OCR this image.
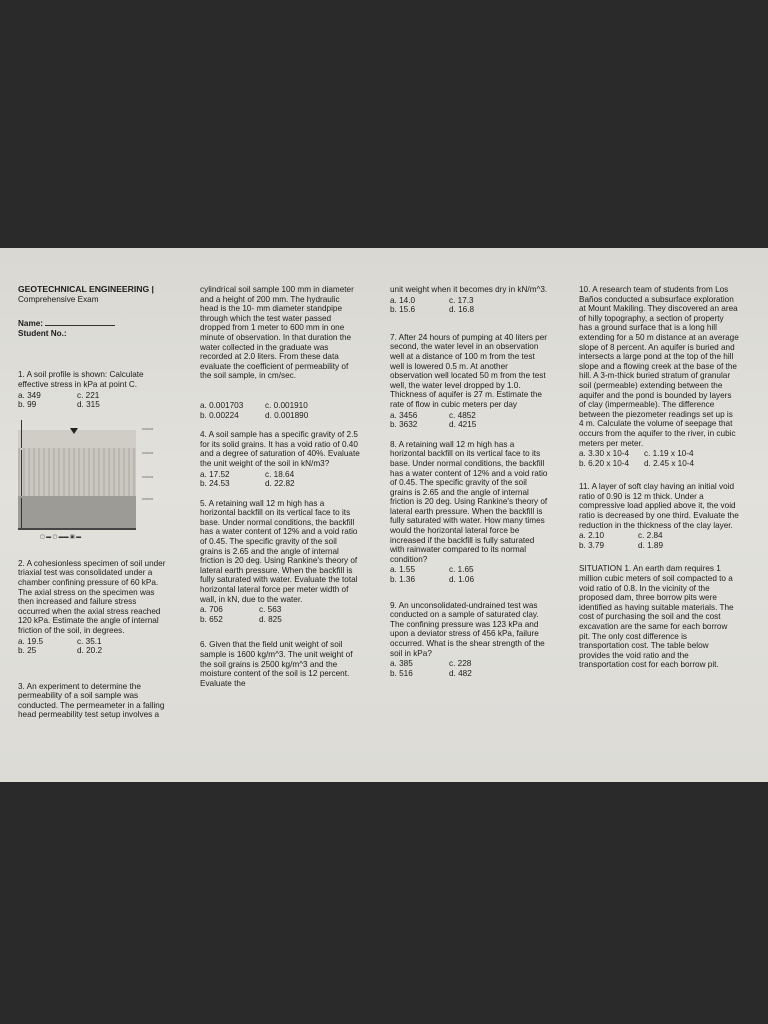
GEOTECHNICAL ENGINEERING |

Comprehensive Exam

Name:

Student No.:

1. A soil profile is shown: Calculate effective stress in kPa at point C.

a. 349	c. 221
b. 99	d. 315
▭▭▭
▭▭▭
▭▭▭
▭▭▭
▢ ▬ ▢ ▬▬ ▣ ▬

2. A cohesionless specimen of soil under triaxial test was consolidated under a chamber confining pressure of 60 kPa. The axial stress on the specimen was then increased and failure stress occurred when the axial stress reached 120 kPa. Estimate the angle of internal friction of the soil, in degrees.

a. 19.5	c. 35.1
b. 25	d. 20.2

3. An experiment to determine the permeability of a soil sample was conducted. The permeameter in a falling head permeability test setup involves a

cylindrical soil sample 100 mm in diameter and a height of 200 mm. The hydraulic head is the 10- mm diameter standpipe through which the test water passed dropped from 1 meter to 600 mm in one minute of observation. In that duration the water collected in the graduate was recorded at 2.0 liters. From these data evaluate the coefficient of permeability of the soil sample, in cm/sec.

a. 0.001703	c. 0.001910
b. 0.00224	d. 0.001890

4. A soil sample has a specific gravity of 2.5 for its solid grains. It has a void ratio of 0.40 and a degree of saturation of 40%. Evaluate the unit weight of the soil in kN/m3?

a. 17.52	c. 18.64
b. 24.53	d. 22.82

5. A retaining wall 12 m high has a horizontal backfill on its vertical face to its base. Under normal conditions, the backfill has a water content of 12% and a void ratio of 0.45. The specific gravity of the soil grains is 2.65 and the angle of internal friction is 20 deg. Using Rankine's theory of lateral earth pressure. When the backfill is fully saturated with water. Evaluate the total horizontal lateral force per meter width of wall, in kN, due to the water.

a. 706	c. 563
b. 652	d. 825

6. Given that the field unit weight of soil sample is 1600 kg/m^3. The unit weight of the soil grains is 2500 kg/m^3 and the moisture content of the soil is 12 percent. Evaluate the

unit weight when it becomes dry in kN/m^3.

a. 14.0	c. 17.3
b. 15.6	d. 16.8

7. After 24 hours of pumping at 40 liters per second, the water level in an observation well at a distance of 100 m from the test well is lowered 0.5 m. At another observation well located 50 m from the test well, the water level dropped by 1.0. Thickness of aquifer is 27 m. Estimate the rate of flow in cubic meters per day

a. 3456	c. 4852
b. 3632	d. 4215

8. A retaining wall 12 m high has a horizontal backfill on its vertical face to its base. Under normal conditions, the backfill has a water content of 12% and a void ratio of 0.45. The specific gravity of the soil grains is 2.65 and the angle of internal friction is 20 deg. Using Rankine's theory of lateral earth pressure. When the backfill is fully saturated with water. How many times would the horizontal lateral force be increased if the backfill is fully saturated with rainwater compared to its normal condition?

a. 1.55	c. 1.65
b. 1.36	d. 1.06

9. An unconsolidated-undrained test was conducted on a sample of saturated clay. The confining pressure was 123 kPa and upon a deviator stress of 456 kPa, failure occurred. What is the shear strength of the soil in kPa?

a. 385	c. 228
b. 516	d. 482

10. A research team of students from Los Baños conducted a subsurface exploration at Mount Makiling. They discovered an area of hilly topography, a section of property has a ground surface that is a long hill extending for a 50 m distance at an average slope of 8 percent. An aquifer is buried and intersects a large pond at the top of the hill slope and a flowing creek at the base of the hill. A 3-m-thick buried stratum of granular soil (permeable) extending between the aquifer and the pond is bounded by layers of clay (impermeable). The difference between the piezometer readings set up is 4 m. Calculate the volume of seepage that occurs from the aquifer to the river, in cubic meters per meter.

a. 3.30 x 10-4	c. 1.19 x 10-4
b. 6.20 x 10-4	d. 2.45 x 10-4

11. A layer of soft clay having an initial void ratio of 0.90 is 12 m thick. Under a compressive load applied above it, the void ratio is decreased by one third. Evaluate the reduction in the thickness of the clay layer.

a. 2.10	c. 2.84
b. 3.79	d. 1.89

SITUATION 1. An earth dam requires 1 million cubic meters of soil compacted to a void ratio of 0.8. In the vicinity of the proposed dam, three borrow pits were identified as having suitable materials. The cost of purchasing the soil and the cost excavation are the same for each borrow pit. The only cost difference is transportation cost. The table below provides the void ratio and the transportation cost for each borrow pit.
